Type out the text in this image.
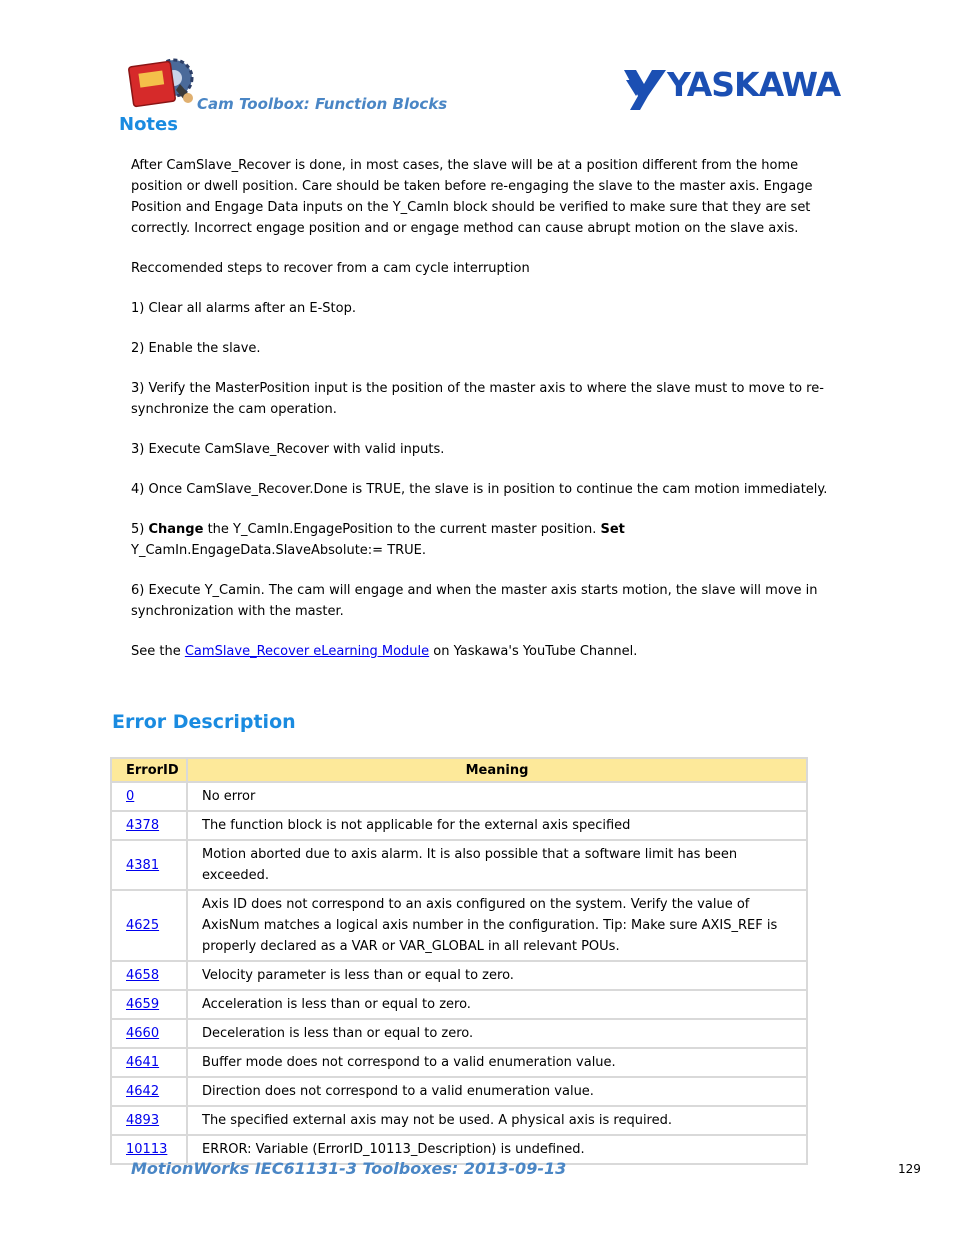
Cam Toolbox: Function Blocks	YASKAWA
Notes

After CamSlave_Recover is done, in most cases, the slave will be at a position different from the home position or dwell position. Care should be taken before re-engaging the slave to the master axis. Engage Position and Engage Data inputs on the Y_CamIn block should be verified to make sure that they are set correctly. Incorrect engage position and or engage method can cause abrupt motion on the slave axis.

Reccomended steps to recover from a cam cycle interruption

1) Clear all alarms after an E-Stop.

2) Enable the slave.

3) Verify the MasterPosition input is the position of the master axis to where the slave must to move to re-synchronize the cam operation.

3) Execute CamSlave_Recover with valid inputs.

4) Once CamSlave_Recover.Done is TRUE, the slave is in position to continue the cam motion immediately.

5) Change the Y_CamIn.EngagePosition to the current master position. Set Y_CamIn.EngageData.SlaveAbsolute:= TRUE.

6) Execute Y_Camin. The cam will engage and when the master axis starts motion, the slave will move in synchronization with the master.

See the CamSlave_Recover eLearning Module on Yaskawa's YouTube Channel.

Error Description
ErrorID	Meaning
0	No error
4378	The function block is not applicable for the external axis specified
4381	Motion aborted due to axis alarm. It is also possible that a software limit has been exceeded.
4625	Axis ID does not correspond to an axis configured on the system. Verify the value of AxisNum matches a logical axis number in the configuration. Tip: Make sure AXIS_REF is properly declared as a VAR or VAR_GLOBAL in all relevant POUs.
4658	Velocity parameter is less than or equal to zero.
4659	Acceleration is less than or equal to zero.
4660	Deceleration is less than or equal to zero.
4641	Buffer mode does not correspond to a valid enumeration value.
4642	Direction does not correspond to a valid enumeration value.
4893	The specified external axis may not be used. A physical axis is required.
10113	ERROR: Variable (ErrorID_10113_Description) is undefined.
MotionWorks IEC61131-3 Toolboxes: 2013-09-13	129
